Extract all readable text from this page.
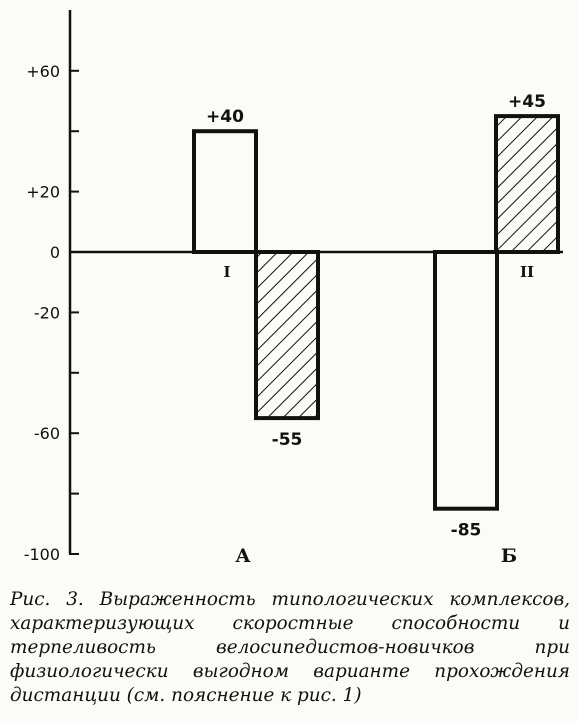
-100
-60
-20
0
+20
+60
+40
I
-55
-85
+45
II
А	Б

Рис. 3. Выраженность типологических комплексов, характеризующих скоростные способности и терпеливость велосипедистов-новичков при физиологически выгодном варианте прохождения дистанции (см. пояснение к рис. 1)
